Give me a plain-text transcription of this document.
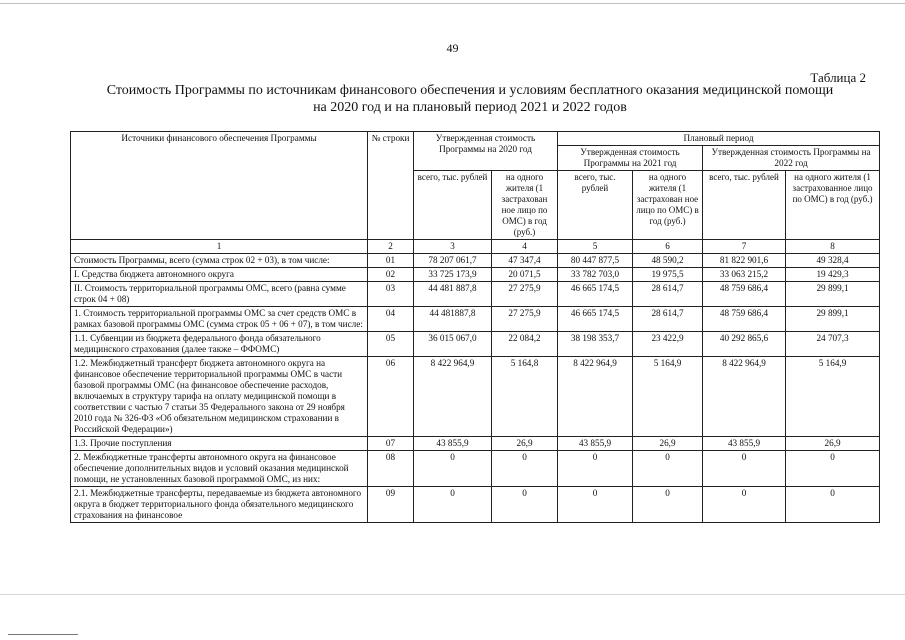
49
Таблица 2
Стоимость Программы по источникам финансового обеспечения и условиям бесплатного оказания медицинской помощи
на 2020 год и на плановый период 2021 и 2022 годов
Источники финансового обеспечения Программы	№ строки	Утвержденная стоимость Программы на 2020 год		Плановый период			
				Утвержденная стоимость Программы на 2021 год		Утвержденная стоимость Программы на 2022 год	
		всего, тыс. рублей	на одного жителя (1 застрахован ное лицо по ОМС) в год (руб.)	всего, тыс. рублей	на одного жителя (1 застрахован ное лицо по ОМС) в год (руб.)	всего, тыс. рублей	на одного жителя (1 застрахованное лицо по ОМС) в год (руб.)
1	2	3	4	5	6	7	8
Стоимость Программы, всего (сумма строк 02 + 03), в том числе:	01	78 207 061,7	47 347,4	80 447 877,5	48 590,2	81 822 901,6	49 328,4
I. Средства бюджета автономного округа	02	33 725 173,9	20 071,5	33 782 703,0	19 975,5	33 063 215,2	19 429,3
II. Стоимость территориальной программы ОМС, всего (равна сумме строк 04 + 08)	03	44 481 887,8	27 275,9	46 665 174,5	28 614,7	48 759 686,4	29 899,1
1. Стоимость территориальной программы ОМС за счет средств ОМС в рамках базовой программы ОМС (сумма строк 05 + 06 + 07), в том числе:	04	44 481887,8	27 275,9	46 665 174,5	28 614,7	48 759 686,4	29 899,1
1.1. Субвенции из бюджета федерального фонда обязательного медицинского страхования (далее также – ФФОМС)	05	36 015 067,0	22 084,2	38 198 353,7	23 422,9	40 292 865,6	24 707,3
1.2. Межбюджетный трансферт бюджета автономного округа на финансовое обеспечение территориальной программы ОМС в части базовой программы ОМС (на финансовое обеспечение расходов, включаемых в структуру тарифа на оплату медицинской помощи в соответствии с частью 7 статьи 35 Федерального закона от 29 ноября 2010 года № 326-ФЗ «Об обязательном медицинском страховании в Российской Федерации»)	06	8 422 964,9	5 164,8	8 422 964,9	5 164,9	8 422 964,9	5 164,9
1.3. Прочие поступления	07	43 855,9	26,9	43 855,9	26,9	43 855,9	26,9
2. Межбюджетные трансферты автономного округа на финансовое обеспечение дополнительных видов и условий оказания медицинской помощи, не установленных базовой программой ОМС, из них:	08	0	0	0	0	0	0
2.1. Межбюджетные трансферты, передаваемые из бюджета автономного округа в бюджет территориального фонда обязательного медицинского страхования на финансовое	09	0	0	0	0	0	0
